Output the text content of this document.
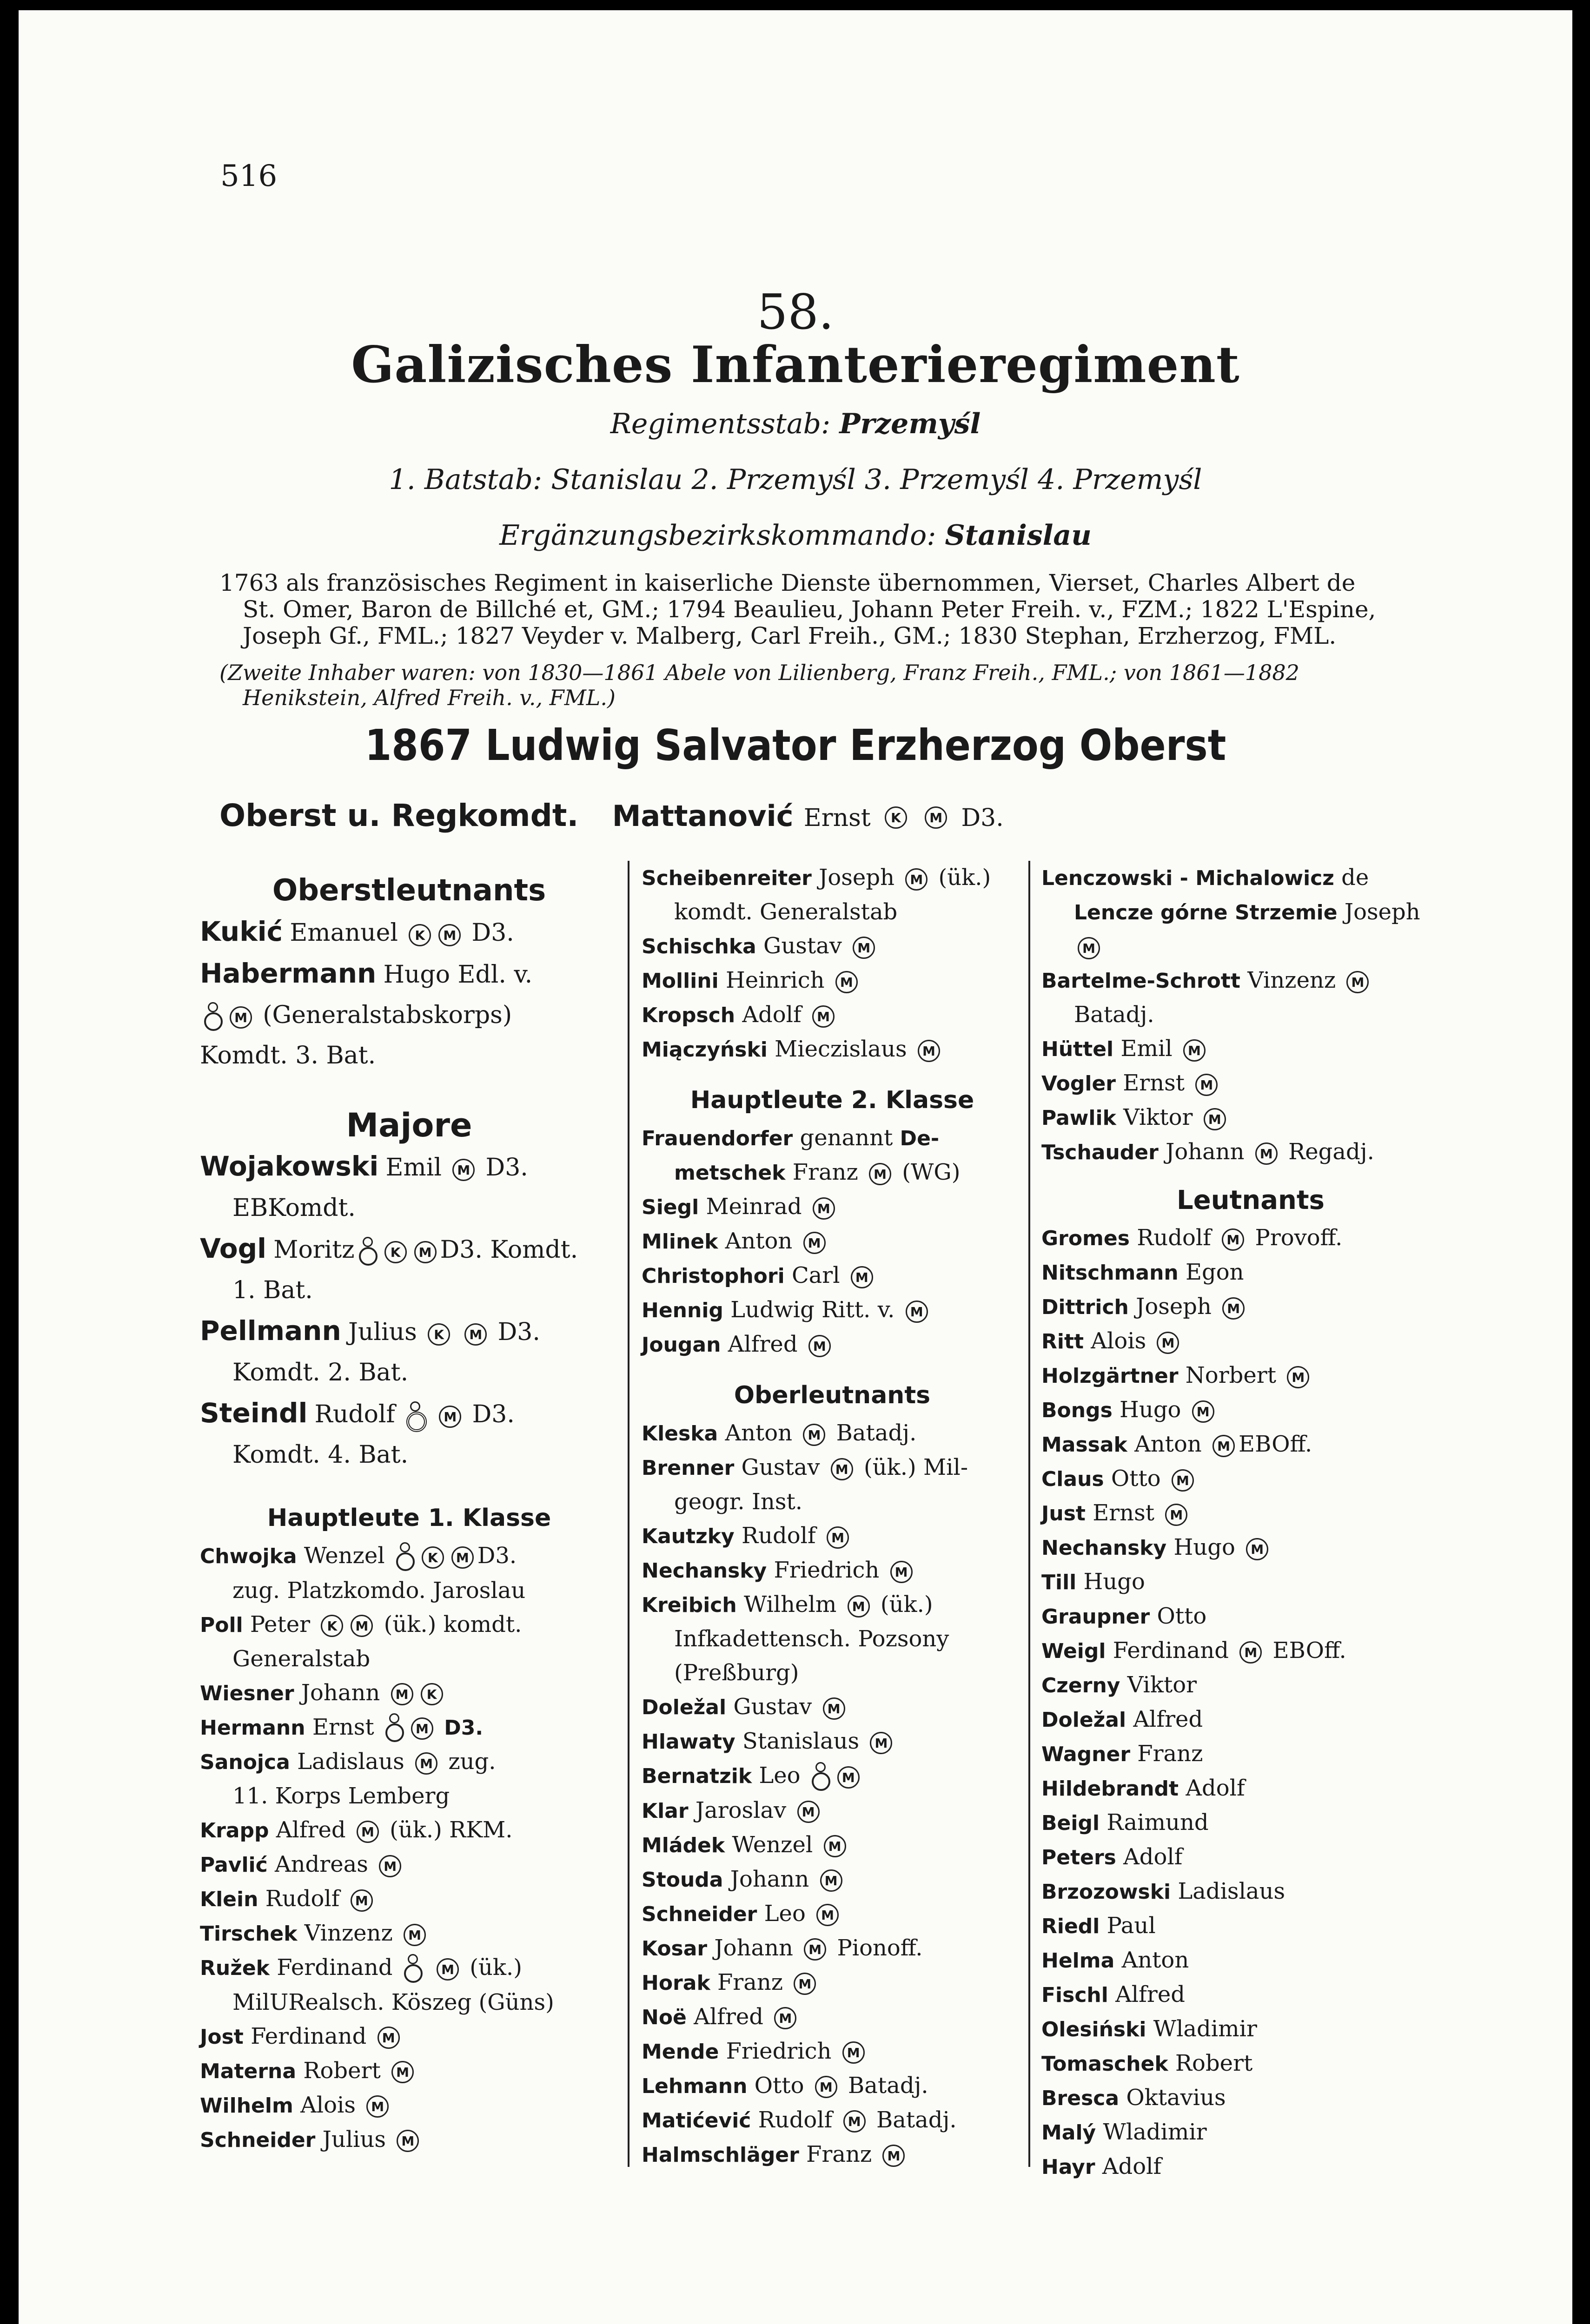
516
58.
Galizisches Infanterieregiment
Regimentsstab: Przemyśl
1. Batstab: Stanislau 2. Przemyśl 3. Przemyśl 4. Przemyśl
Ergänzungsbezirkskommando: Stanislau
1763 als französisches Regiment in kaiserliche Dienste übernommen, Vierset, Charles Albert de
St. Omer, Baron de Billché et, GM.; 1794 Beaulieu, Johann Peter Freih. v., FZM.; 1822 L'Espine,
Joseph Gf., FML.; 1827 Veyder v. Malberg, Carl Freih., GM.; 1830 Stephan, Erzherzog, FML.
(Zweite Inhaber waren: von 1830—1861 Abele von Lilienberg, Franz Freih., FML.; von 1861—1882
Henikstein, Alfred Freih. v., FML.)
1867 Ludwig Salvator Erzherzog Oberst
Oberst u. Regkomdt. Mattanović Ernst K M D3.
Oberstleutnants
Kukić Emanuel K M D3.
Habermann Hugo Edl. v.
M (Generalstabskorps)
Komdt. 3. Bat.
Majore
Wojakowski Emil M D3.
EBKomdt.
Vogl Moritz	K M D3. Komdt.
1. Bat.
Pellmann Julius K M D3.
Komdt. 2. Bat.
Steindl Rudolf	M D3.
Komdt. 4. Bat.
Hauptleute 1. Klasse
Chwojka Wenzel	K M D3.
zug. Platzkomdo. Jaroslau
Poll Peter K M (ük.) komdt.
Generalstab
Wiesner Johann M K
Hermann Ernst	M D3.
Sanojca Ladislaus M zug.
11. Korps Lemberg
Krapp Alfred M (ük.) RKM.
Pavlić Andreas M
Klein Rudolf M
Tirschek Vinzenz M
Ružek Ferdinand	M (ük.)
MilURealsch. Köszeg (Güns)
Jost Ferdinand M
Materna Robert M
Wilhelm Alois M
Schneider Julius M
Scheibenreiter Joseph M (ük.)
komdt. Generalstab
Schischka Gustav M
Mollini Heinrich M
Kropsch Adolf M
Miączyński Mieczislaus M
Hauptleute 2. Klasse
Frauendorfer genannt De-
metschek Franz M (WG)
Siegl Meinrad M
Mlinek Anton M
Christophori Carl M
Hennig Ludwig Ritt. v. M
Jougan Alfred M
Oberleutnants
Kleska Anton M Batadj.
Brenner Gustav M (ük.) Mil-
geogr. Inst.
Kautzky Rudolf M
Nechansky Friedrich M
Kreibich Wilhelm M (ük.)
Infkadettensch. Pozsony
(Preßburg)
Doležal Gustav M
Hlawaty Stanislaus M
Bernatzik Leo	M
Klar Jaroslav M
Mládek Wenzel M
Stouda Johann M
Schneider Leo M
Kosar Johann M Pionoff.
Horak Franz M
Noë Alfred M
Mende Friedrich M
Lehmann Otto M Batadj.
Matićević Rudolf M Batadj.
Halmschläger Franz M
Lenczowski - Michalowicz de
Lencze górne Strzemie Joseph
M
Bartelme-Schrott Vinzenz M
Batadj.
Hüttel Emil M
Vogler Ernst M
Pawlik Viktor M
Tschauder Johann M Regadj.
Leutnants
Gromes Rudolf M Provoff.
Nitschmann Egon
Dittrich Joseph M
Ritt Alois M
Holzgärtner Norbert M
Bongs Hugo M
Massak Anton M EBOff.
Claus Otto M
Just Ernst M
Nechansky Hugo M
Till Hugo
Graupner Otto
Weigl Ferdinand M EBOff.
Czerny Viktor
Doležal Alfred
Wagner Franz
Hildebrandt Adolf
Beigl Raimund
Peters Adolf
Brzozowski Ladislaus
Riedl Paul
Helma Anton
Fischl Alfred
Olesiński Wladimir
Tomaschek Robert
Bresca Oktavius
Malý Wladimir
Hayr Adolf
